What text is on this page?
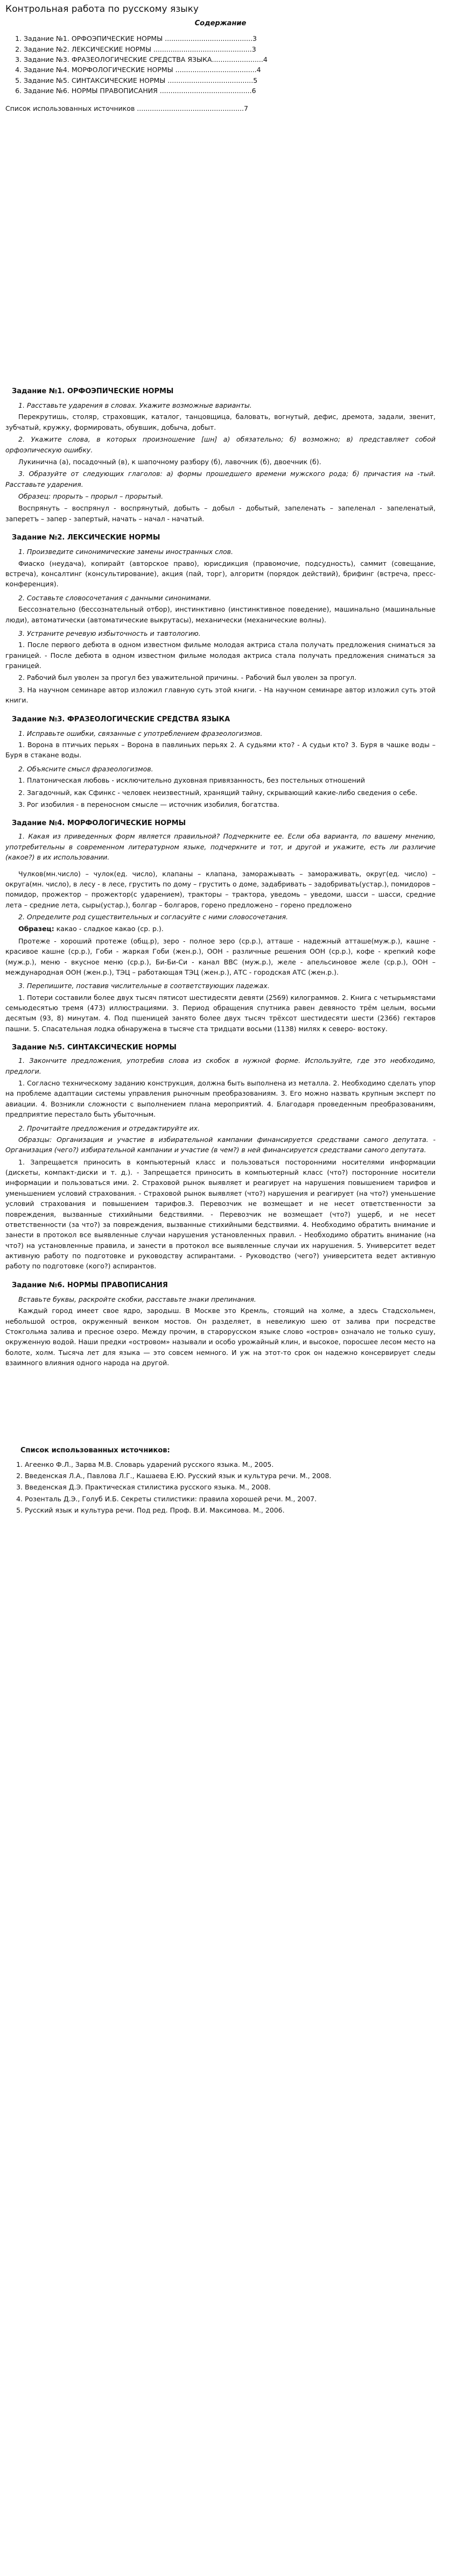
Контрольная работа по русскому языку
Содержание
1. Задание №1. ОРФОЭПИЧЕСКИЕ НОРМЫ .........................................3
2. Задание №2. ЛЕКСИЧЕСКИЕ НОРМЫ ..............................................3
3. Задание №3. ФРАЗЕОЛОГИЧЕСКИЕ СРЕДСТВА ЯЗЫКА........................4
4. Задание №4. МОРФОЛОГИЧЕСКИЕ НОРМЫ ......................................4
5. Задание №5. СИНТАКСИЧЕСКИЕ НОРМЫ ........................................5
6. Задание №6. НОРМЫ ПРАВОПИСАНИЯ ...........................................6
Список использованных источников ..................................................7
Задание №1. ОРФОЭПИЧЕСКИЕ НОРМЫ
1. Расставьте ударения в словах. Укажите возможные варианты.
Перекрутишь, столяр, страховщик, каталог, танцовщица, баловать, вогнутый, дефис, дремота, задали, звенит, зубчатый, кружку, формировать, обувшик, добыча, добыт.
2. Укажите слова, в которых произношение [шн] а) обязательно; б) возможно; в) представляет собой орфоэпическую ошибку.
Лукинична (а), посадочный (в), к шапочному разбору (б), лавочник (б), двоечник (б).
3. Образуйте от следующих глаголов: а) формы прошедшего времени мужского рода; б) причастия на -тый. Расставьте ударения.
Образец: прорыть – прорыл – прорытый.
Воспрянуть – воспрянул - воспрянутый, добыть – добыл - добытый, запеленать – запеленал - запеленатый, заперетъ – запер - запертый, начать – начал - начатый.
Задание №2. ЛЕКСИЧЕСКИЕ НОРМЫ
1. Произведите синонимические замены иностранных слов.
Фиаско (неудача), копирайт (авторское право), юрисдикция (правомочие, подсудность), саммит (совещание, встреча), консалтинг (консультирование), акция (пай, торг), алгоритм (порядок действий), брифинг (встреча, пресс-конференция).
2. Составьте словосочетания с данными синонимами.
Бессознательно (бессознательный отбор), инстинктивно (инстинктивное поведение), машинально (машинальные люди), автоматически (автоматические выкрутасы), механически (механические волны).
3. Устраните речевую избыточность и тавтологию.
1. После первого дебюта в одном известном фильме молодая актриса стала получать предложения сниматься за границей. - После дебюта в одном известном фильме молодая актриса стала получать предложения сниматься за границей.
2. Рабочий был уволен за прогул без уважительной причины. - Рабочий был уволен за прогул.
3. На научном семинаре автор изложил главную суть этой книги. - На научном семинаре автор изложил суть этой книги.
Задание №3. ФРАЗЕОЛОГИЧЕСКИЕ СРЕДСТВА ЯЗЫКА
1. Исправьте ошибки, связанные с употреблением фразеологизмов.
1. Ворона в птичьих перьях – Ворона в павлиньих перьях 2. А судьями кто? - А судьи кто? 3. Буря в чашке воды – Буря в стакане воды.
2. Объясните смысл фразеологизмов.
1. Платоническая любовь - исключительно духовная привязанность, без постельных отношений
2. Загадочный, как Сфинкс - человек неизвестный, хранящий тайну, скрывающий какие-либо сведения о себе.
3. Рог изобилия - в переносном смысле — источник изобилия, богатства.
Задание №4. МОРФОЛОГИЧЕСКИЕ НОРМЫ
1. Какая из приведенных форм является правильной? Подчеркните ее. Если оба варианта, по вашему мнению, употребительны в современном литературном языке, подчеркните и тот, и другой и укажите, есть ли различие (какое?) в их использовании.
Чулков(мн.число) – чулок(ед. число), клапаны – клапана, заморажывать – замораживать, округ(ед. число) – округа(мн. число), в лесу - в лесе, грустить по дому – грустить о доме, задабривать – задобривать(устар.), помидоров – помидор, прожектор – прожектор(с ударением), тракторы – трактора, уведомь – уведоми, шасси – шасси, средние лета – средние лета, сыры(устар.), болгар – болгаров, горено предложено – горено предложено
2. Определите род существительных и согласуйте с ними словосочетания.
Образец: какао - сладкое какао (ср. р.).
Протеже - хороший протеже (общ.р), зеро - полное зеро (ср.р.), атташе - надежный атташе(муж.р.), кашне - красивое кашне (ср.р.), Гоби - жаркая Гоби (жен.р.), ООН - различные решения ООН (ср.р.), кофе - крепкий кофе (муж.р.), меню - вкусное меню (ср.р.), Би-Би-Си - канал ВВС (муж.р.), желе - апельсиновое желе (ср.р.), ООН – международная ООН (жен.р.), ТЭЦ – работающая ТЭЦ (жен.р.), АТС - городская АТС (жен.р.).
3. Перепишите, поставив числительные в соответствующих падежах.
1. Потери составили более двух тысяч пятисот шестидесяти девяти (2569) килограммов. 2. Книга с четырьмястами семьюдесятью тремя (473) иллюстрациями. 3. Период обращения спутника равен девяносто трём целым, восьми десятым (93, 8) минутам. 4. Под пшеницей занято более двух тысяч трёхсот шестидесяти шести (2366) гектаров пашни. 5. Спасательная лодка обнаружена в тысяче ста тридцати восьми (1138) милях к северо- востоку.
Задание №5. СИНТАКСИЧЕСКИЕ НОРМЫ
1. Закончите предложения, употребив слова из скобок в нужной форме. Используйте, где это необходимо, предлоги.
1. Согласно техническому заданию конструкция, должна быть выполнена из металла. 2. Необходимо сделать упор на проблеме адаптации системы управления рыночным преобразованиям. 3. Его можно назвать крупным эксперт по авиации. 4. Возникли сложности с выполнением плана мероприятий. 4. Благодаря проведенным преобразованиям, предприятие перестало быть убыточным.
2. Прочитайте предложения и отредактируйте их.
Образцы: Организация и участие в избирательной кампании финансируется средствами самого депутата. - Организация (чего?) избирательной кампании и участие (в чем?) в ней финансируется средствами самого депутата.
1. Запрещается приносить в компьютерный класс и пользоваться посторонними носителями информации (дискеты, компакт-диски и т. д.). - Запрещается приносить в компьютерный класс (что?) посторонние носители информации и пользоваться ими. 2. Страховой рынок выявляет и реагирует на нарушения повышением тарифов и уменьшением условий страхования. - Страховой рынок выявляет (что?) нарушения и реагирует (на что?) уменьшение условий страхования и повышением тарифов.3. Перевозчик не возмещает и не несет ответственности за повреждения, вызванные стихийными бедствиями. - Перевозчик не возмещает (что?) ущерб, и не несет ответственности (за что?) за повреждения, вызванные стихийными бедствиями. 4. Необходимо обратить внимание и занести в протокол все выявленные случаи нарушения установленных правил. - Необходимо обратить внимание (на что?) на установленные правила, и занести в протокол все выявленные случаи их нарушения. 5. Университет ведет активную работу по подготовке и руководству аспирантами. - Руководство (чего?) университета ведет активную работу по подготовке (кого?) аспирантов.
Задание №6. НОРМЫ ПРАВОПИСАНИЯ
Вставьте буквы, раскройте скобки, расставьте знаки препинания.
Каждый город имеет свое ядро, зародыш. В Москве это Кремль, стоящий на холме, а здесь Стадсхольмен, небольшой остров, окруженный венком мостов. Он разделяет, в невеликую шею от залива при посредстве Стокгольма залива и пресное озеро. Между прочим, в старорусском языке слово «остров» означало не только сушу, окруженную водой. Наши предки «островом» называли и особо урожайный клин, и высокое, поросшее лесом место на болоте, холм. Тысяча лет для языка — это совсем немного. И уж на этот-то срок он надежно консервирует следы взаимного влияния одного народа на другой.
Список использованных источников:
1. Агеенко Ф.Л., Зарва М.В. Словарь ударений русского языка. М., 2005.
2. Введенская Л.А., Павлова Л.Г., Кашаева Е.Ю. Русский язык и культура речи. М., 2008.
3. Введенская Д.Э. Практическая стилистика русского языка. М., 2008.
4. Розенталь Д.Э., Голуб И.Б. Секреты стилистики: правила хорошей речи. М., 2007.
5. Русский язык и культура речи. Под ред. Проф. В.И. Максимова. М., 2006.
